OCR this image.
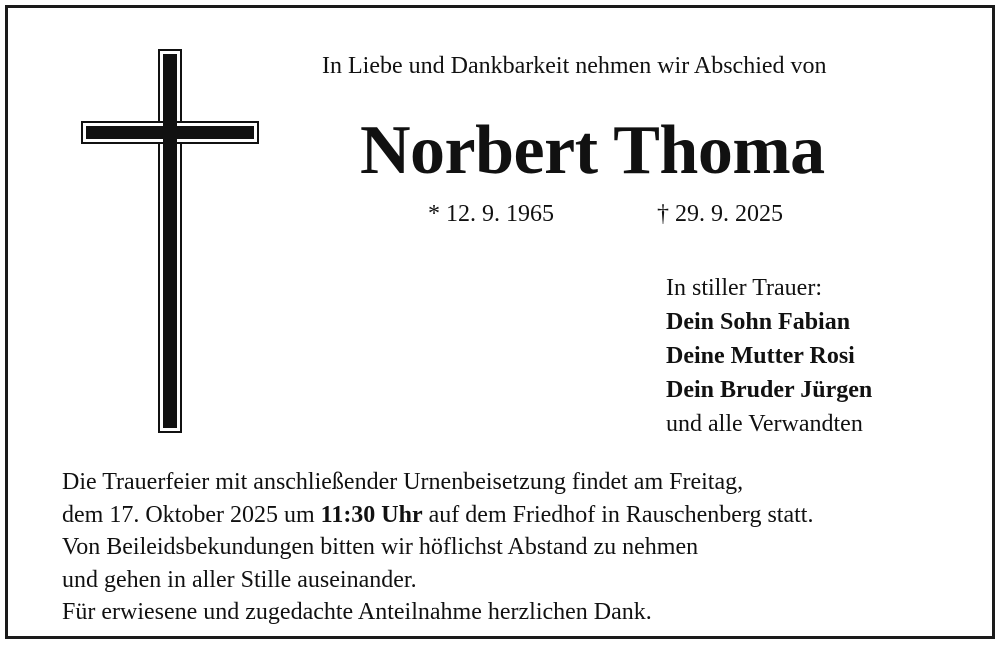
In Liebe und Dankbarkeit nehmen wir Abschied von
Norbert Thoma
* 12. 9. 1965	† 29. 9. 2025
In stiller Trauer:
Dein Sohn Fabian
Deine Mutter Rosi
Dein Bruder Jürgen
und alle Verwandten
Die Trauerfeier mit anschließender Urnenbeisetzung findet am Freitag,
dem 17. Oktober 2025 um 11:30 Uhr auf dem Friedhof in Rauschenberg statt.
Von Beileidsbekundungen bitten wir höflichst Abstand zu nehmen
und gehen in aller Stille auseinander.
Für erwiesene und zugedachte Anteilnahme herzlichen Dank.
